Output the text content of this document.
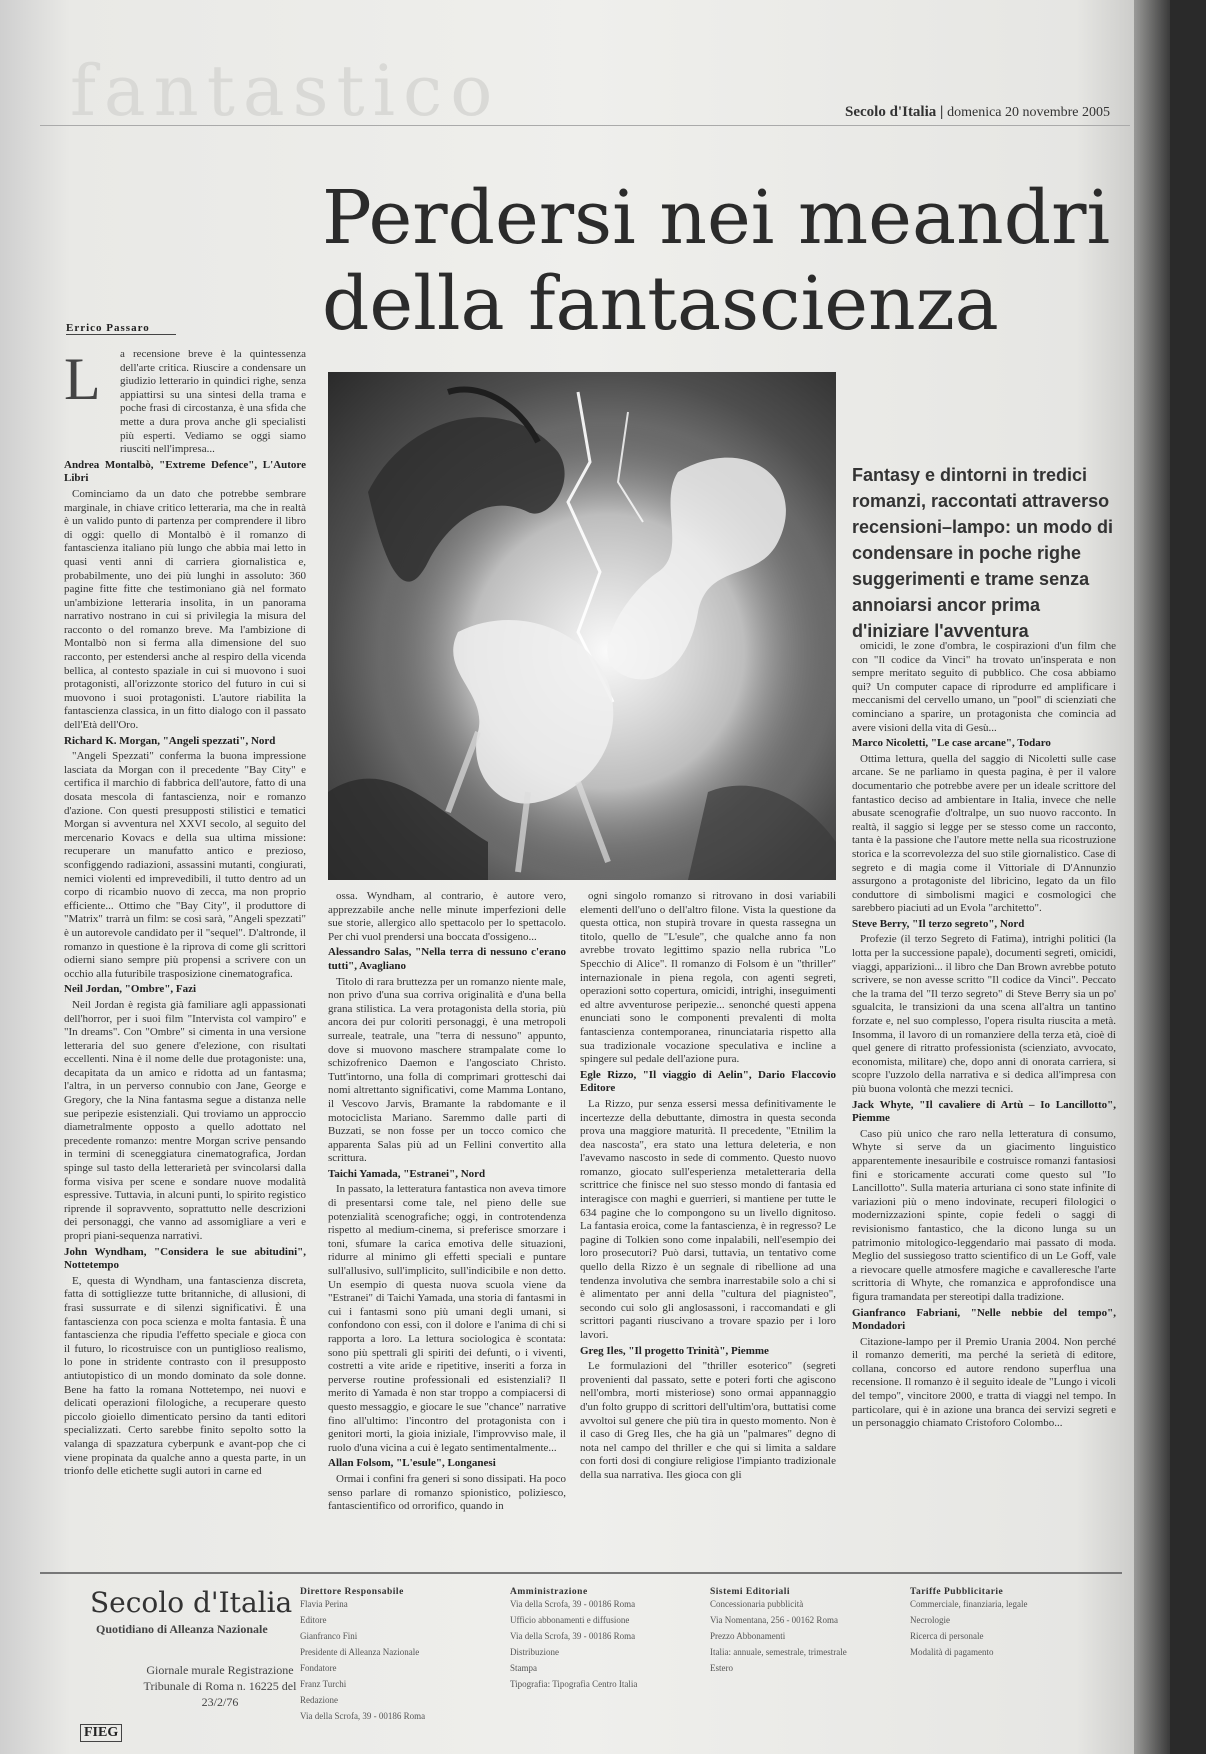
fantastico	Secolo d'Italia | domenica 20 novembre 2005
Perdersi nei meandri
della fantascienza
Errico Passaro

a recensione breve è la quintessenza dell'arte critica. Riuscire a condensare un giudizio letterario in quindici righe, senza appiattirsi su una sintesi della trama e poche frasi di circostanza, è una sfida che mette a dura prova anche gli specialisti più esperti. Vediamo se oggi siamo riusciti nell'impresa...

Andrea Montalbò, "Extreme Defence", L'Autore Libri

Cominciamo da un dato che potrebbe sembrare marginale, in chiave critico letteraria, ma che in realtà è un valido punto di partenza per comprendere il libro di oggi: quello di Montalbò è il romanzo di fantascienza italiano più lungo che abbia mai letto in quasi venti anni di carriera giornalistica e, probabilmente, uno dei più lunghi in assoluto: 360 pagine fitte fitte che testimoniano già nel formato un'ambizione letteraria insolita, in un panorama narrativo nostrano in cui si privilegia la misura del racconto o del romanzo breve. Ma l'ambizione di Montalbò non si ferma alla dimensione del suo racconto, per estendersi anche al respiro della vicenda bellica, al contesto spaziale in cui si muovono i suoi protagonisti, all'orizzonte storico del futuro in cui si muovono i suoi protagonisti. L'autore riabilita la fantascienza classica, in un fitto dialogo con il passato dell'Età dell'Oro.

Richard K. Morgan, "Angeli spezzati", Nord

"Angeli Spezzati" conferma la buona impressione lasciata da Morgan con il precedente "Bay City" e certifica il marchio di fabbrica dell'autore, fatto di una dosata mescola di fantascienza, noir e romanzo d'azione. Con questi presupposti stilistici e tematici Morgan si avventura nel XXVI secolo, al seguito del mercenario Kovacs e della sua ultima missione: recuperare un manufatto antico e prezioso, sconfiggendo radiazioni, assassini mutanti, congiurati, nemici violenti ed imprevedibili, il tutto dentro ad un corpo di ricambio nuovo di zecca, ma non proprio efficiente... Ottimo che "Bay City", il produttore di "Matrix" trarrà un film: se così sarà, "Angeli spezzati" è un autorevole candidato per il "sequel". D'altronde, il romanzo in questione è la riprova di come gli scrittori odierni siano sempre più propensi a scrivere con un occhio alla futuribile trasposizione cinematografica.

Neil Jordan, "Ombre", Fazi

Neil Jordan è regista già familiare agli appassionati dell'horror, per i suoi film "Intervista col vampiro" e "In dreams". Con "Ombre" si cimenta in una versione letteraria del suo genere d'elezione, con risultati eccellenti. Nina è il nome delle due protagoniste: una, decapitata da un amico e ridotta ad un fantasma; l'altra, in un perverso connubio con Jane, George e Gregory, che la Nina fantasma segue a distanza nelle sue peripezie esistenziali. Qui troviamo un approccio diametralmente opposto a quello adottato nel precedente romanzo: mentre Morgan scrive pensando in termini di sceneggiatura cinematografica, Jordan spinge sul tasto della letterarietà per svincolarsi dalla forma visiva per scene e sondare nuove modalità espressive. Tuttavia, in alcuni punti, lo spirito registico riprende il sopravvento, soprattutto nelle descrizioni dei personaggi, che vanno ad assomigliare a veri e propri piani-sequenza narrativi.

John Wyndham, "Considera le sue abitudini", Nottetempo

E, questa di Wyndham, una fantascienza discreta, fatta di sottigliezze tutte britanniche, di allusioni, di frasi sussurrate e di silenzi significativi. È una fantascienza con poca scienza e molta fantasia. È una fantascienza che ripudia l'effetto speciale e gioca con il futuro, lo ricostruisce con un puntiglioso realismo, lo pone in stridente contrasto con il presupposto antiutopistico di un mondo dominato da sole donne. Bene ha fatto la romana Nottetempo, nei nuovi e delicati operazioni filologiche, a recuperare questo piccolo gioiello dimenticato persino da tanti editori specializzati. Certo sarebbe finito sepolto sotto la valanga di spazzatura cyberpunk e avant-pop che ci viene propinata da qualche anno a questa parte, in un trionfo delle etichette sugli autori in carne ed

L

ossa. Wyndham, al contrario, è autore vero, apprezzabile anche nelle minute imperfezioni delle sue storie, allergico allo spettacolo per lo spettacolo. Per chi vuol prendersi una boccata d'ossigeno...

Alessandro Salas, "Nella terra di nessuno c'erano tutti", Avagliano

Titolo di rara bruttezza per un romanzo niente male, non privo d'una sua corriva originalità e d'una bella grana stilistica. La vera protagonista della storia, più ancora dei pur coloriti personaggi, è una metropoli surreale, teatrale, una "terra di nessuno" appunto, dove si muovono maschere strampalate come lo schizofrenico Daemon e l'angosciato Christo. Tutt'intorno, una folla di comprimari grotteschi dai nomi altrettanto significativi, come Mamma Lontano, il Vescovo Jarvis, Bramante la rabdomante e il motociclista Mariano. Saremmo dalle parti di Buzzati, se non fosse per un tocco comico che apparenta Salas più ad un Fellini convertito alla scrittura.

Taichi Yamada, "Estranei", Nord

In passato, la letteratura fantastica non aveva timore di presentarsi come tale, nel pieno delle sue potenzialità scenografiche; oggi, in controtendenza rispetto al medium-cinema, si preferisce smorzare i toni, sfumare la carica emotiva delle situazioni, ridurre al minimo gli effetti speciali e puntare sull'allusivo, sull'implicito, sull'indicibile e non detto. Un esempio di questa nuova scuola viene da "Estranei" di Taichi Yamada, una storia di fantasmi in cui i fantasmi sono più umani degli umani, si confondono con essi, con il dolore e l'anima di chi si rapporta a loro. La lettura sociologica è scontata: sono più spettrali gli spiriti dei defunti, o i viventi, costretti a vite aride e ripetitive, inseriti a forza in perverse routine professionali ed esistenziali? Il merito di Yamada è non star troppo a compiacersi di questo messaggio, e giocare le sue "chance" narrative fino all'ultimo: l'incontro del protagonista con i genitori morti, la gioia iniziale, l'improvviso male, il ruolo d'una vicina a cui è legato sentimentalmente...

Allan Folsom, "L'esule", Longanesi

Ormai i confini fra generi si sono dissipati. Ha poco senso parlare di romanzo spionistico, poliziesco, fantascientifico od orrorifico, quando in

ogni singolo romanzo si ritrovano in dosi variabili elementi dell'uno o dell'altro filone. Vista la questione da questa ottica, non stupirà trovare in questa rassegna un titolo, quello de "L'esule", che qualche anno fa non avrebbe trovato legittimo spazio nella rubrica "Lo Specchio di Alice". Il romanzo di Folsom è un "thriller" internazionale in piena regola, con agenti segreti, operazioni sotto copertura, omicidi, intrighi, inseguimenti ed altre avventurose peripezie... senonché questi appena enunciati sono le componenti prevalenti di molta fantascienza contemporanea, rinunciataria rispetto alla sua tradizionale vocazione speculativa e incline a spingere sul pedale dell'azione pura.

Egle Rizzo, "Il viaggio di Aelin", Dario Flaccovio Editore

La Rizzo, pur senza essersi messa definitivamente le incertezze della debuttante, dimostra in questa seconda prova una maggiore maturità. Il precedente, "Etnilim la dea nascosta", era stato una lettura deleteria, e non l'avevamo nascosto in sede di commento. Questo nuovo romanzo, giocato sull'esperienza metaletteraria della scrittrice che finisce nel suo stesso mondo di fantasia ed interagisce con maghi e guerrieri, si mantiene per tutte le 634 pagine che lo compongono su un livello dignitoso. La fantasia eroica, come la fantascienza, è in regresso? Le pagine di Tolkien sono come inpalabili, nell'esempio dei loro prosecutori? Può darsi, tuttavia, un tentativo come quello della Rizzo è un segnale di ribellione ad una tendenza involutiva che sembra inarrestabile solo a chi si è alimentato per anni della "cultura del piagnisteo", secondo cui solo gli anglosassoni, i raccomandati e gli scrittori paganti riuscivano a trovare spazio per i loro lavori.

Greg Iles, "Il progetto Trinità", Piemme

Le formulazioni del "thriller esoterico" (segreti provenienti dal passato, sette e poteri forti che agiscono nell'ombra, morti misteriose) sono ormai appannaggio d'un folto gruppo di scrittori dell'ultim'ora, buttatisi come avvoltoi sul genere che più tira in questo momento. Non è il caso di Greg Iles, che ha già un "palmares" degno di nota nel campo del thriller e che qui si limita a saldare con forti dosi di congiure religiose l'impianto tradizionale della sua narrativa. Iles gioca con gli

Fantasy e dintorni in tredici romanzi, raccontati attraverso recensioni–lampo: un modo di condensare in poche righe suggerimenti e trame senza annoiarsi ancor prima d'iniziare l'avventura

omicidi, le zone d'ombra, le cospirazioni d'un film che con "Il codice da Vinci" ha trovato un'insperata e non sempre meritato seguito di pubblico. Che cosa abbiamo qui? Un computer capace di riprodurre ed amplificare i meccanismi del cervello umano, un "pool" di scienziati che cominciano a sparire, un protagonista che comincia ad avere visioni della vita di Gesù...

Marco Nicoletti, "Le case arcane", Todaro

Ottima lettura, quella del saggio di Nicoletti sulle case arcane. Se ne parliamo in questa pagina, è per il valore documentario che potrebbe avere per un ideale scrittore del fantastico deciso ad ambientare in Italia, invece che nelle abusate scenografie d'oltralpe, un suo nuovo racconto. In realtà, il saggio si legge per se stesso come un racconto, tanta è la passione che l'autore mette nella sua ricostruzione storica e la scorrevolezza del suo stile giornalistico. Case di segreto e di magia come il Vittoriale di D'Annunzio assurgono a protagoniste del libricino, legato da un filo conduttore di simbolismi magici e cosmologici che sarebbero piaciuti ad un Evola "architetto".

Steve Berry, "Il terzo segreto", Nord

Profezie (il terzo Segreto di Fatima), intrighi politici (la lotta per la successione papale), documenti segreti, omicidi, viaggi, apparizioni... il libro che Dan Brown avrebbe potuto scrivere, se non avesse scritto "Il codice da Vinci". Peccato che la trama del "Il terzo segreto" di Steve Berry sia un po' sgualcita, le transizioni da una scena all'altra un tantino forzate e, nel suo complesso, l'opera risulta riuscita a metà. Insomma, il lavoro di un romanziere della terza età, cioè di quel genere di ritratto professionista (scienziato, avvocato, economista, militare) che, dopo anni di onorata carriera, si scopre l'uzzolo della narrativa e si dedica all'impresa con più buona volontà che mezzi tecnici.

Jack Whyte, "Il cavaliere di Artù – Io Lancillotto", Piemme

Caso più unico che raro nella letteratura di consumo, Whyte si serve da un giacimento linguistico apparentemente inesauribile e costruisce romanzi fantasiosi fini e storicamente accurati come questo sul "Io Lancillotto". Sulla materia arturiana ci sono state infinite di variazioni più o meno indovinate, recuperi filologici o modernizzazioni spinte, copie fedeli o saggi di revisionismo fantastico, che la dicono lunga su un patrimonio mitologico-leggendario mai passato di moda. Meglio del sussiegoso tratto scientifico di un Le Goff, vale a rievocare quelle atmosfere magiche e cavalleresche l'arte scrittoria di Whyte, che romanzica e approfondisce una figura tramandata per stereotipi dalla tradizione.

Gianfranco Fabriani, "Nelle nebbie del tempo", Mondadori

Citazione-lampo per il Premio Urania 2004. Non perché il romanzo demeriti, ma perché la serietà di editore, collana, concorso ed autore rendono superflua una recensione. Il romanzo è il seguito ideale de "Lungo i vicoli del tempo", vincitore 2000, e tratta di viaggi nel tempo. In particolare, qui è in azione una branca dei servizi segreti e un personaggio chiamato Cristoforo Colombo...

Secolo d'Italia
Quotidiano di Alleanza Nazionale
Giornale murale Registrazione Tribunale di Roma n. 16225 del 23/2/76
FIEG
Direttore Responsabile
Flavia Perina
Editore
Gianfranco Fini
Presidente di Alleanza Nazionale
Fondatore
Franz Turchi
Redazione
Via della Scrofa, 39 - 00186 Roma
Amministrazione
Via della Scrofa, 39 - 00186 Roma
Ufficio abbonamenti e diffusione
Via della Scrofa, 39 - 00186 Roma
Distribuzione
Stampa
Tipografia: Tipografia Centro Italia
Sistemi Editoriali
Concessionaria pubblicità
Via Nomentana, 256 - 00162 Roma
Prezzo Abbonamenti
Italia: annuale, semestrale, trimestrale
Estero
Tariffe Pubblicitarie
Commerciale, finanziaria, legale
Necrologie
Ricerca di personale
Modalità di pagamento
